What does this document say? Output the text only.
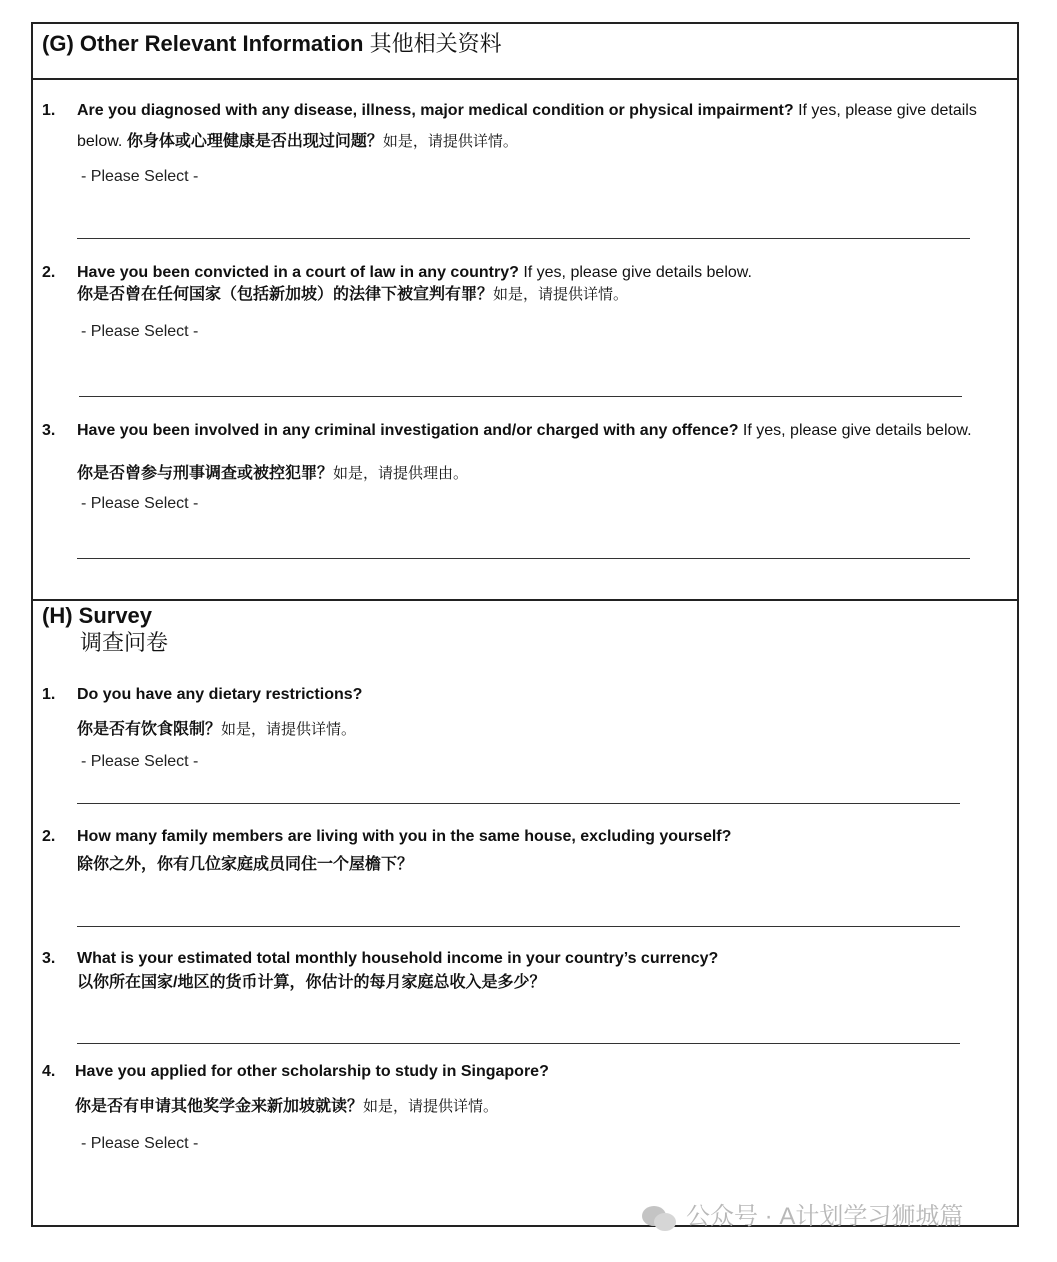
(G) Other Relevant Information 其他相关资料
1. Are you diagnosed with any disease, illness, major medical condition or physical impairment? If yes, please give details below. 你身体或心理健康是否出现过问题？如是，请提供详情。
- Please Select -
2. Have you been convicted in a court of law in any country? If yes, please give details below.
你是否曾在任何国家（包括新加坡）的法律下被宣判有罪？如是，请提供详情。
- Please Select -
3. Have you been involved in any criminal investigation and/or charged with any offence? If yes, please give details below.
你是否曾参与刑事调查或被控犯罪？如是，请提供理由。
- Please Select -
(H) Survey
调查问卷
1. Do you have any dietary restrictions?
你是否有饮食限制？如是，请提供详情。
- Please Select -
2. How many family members are living with you in the same house, excluding yourself?
除你之外，你有几位家庭成员同住一个屋檐下？
3. What is your estimated total monthly household income in your country’s currency?
以你所在国家/地区的货币计算，你估计的每月家庭总收入是多少？
4. Have you applied for other scholarship to study in Singapore?
你是否有申请其他奖学金来新加坡就读？如是，请提供详情。
- Please Select -
公众号 · A计划学习狮城篇
